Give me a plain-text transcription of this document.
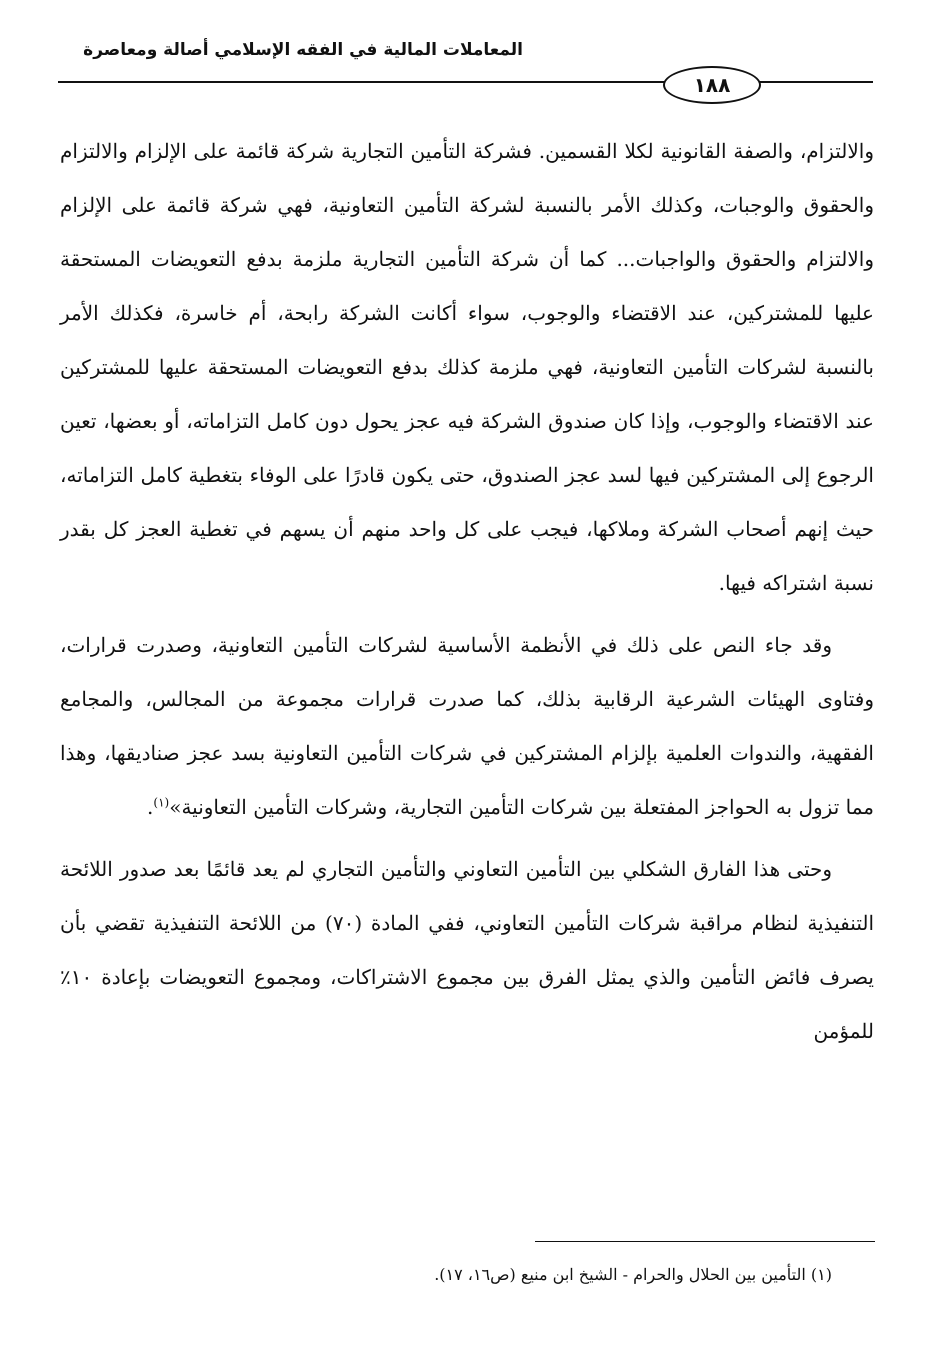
المعاملات المالية في الفقه الإسلامي أصالة ومعاصرة
١٨٨

والالتزام، والصفة القانونية لكلا القسمين. فشركة التأمين التجارية شركة قائمة على الإلزام والالتزام والحقوق والوجبات، وكذلك الأمر بالنسبة لشركة التأمين التعاونية، فهي شركة قائمة على الإلزام والالتزام والحقوق والواجبات... كما أن شركة التأمين التجارية ملزمة بدفع التعويضات المستحقة عليها للمشتركين، عند الاقتضاء والوجوب، سواء أكانت الشركة رابحة، أم خاسرة، فكذلك الأمر بالنسبة لشركات التأمين التعاونية، فهي ملزمة كذلك بدفع التعويضات المستحقة عليها للمشتركين عند الاقتضاء والوجوب، وإذا كان صندوق الشركة فيه عجز يحول دون كامل التزاماته، أو بعضها، تعين الرجوع إلى المشتركين فيها لسد عجز الصندوق، حتى يكون قادرًا على الوفاء بتغطية كامل التزاماته، حيث إنهم أصحاب الشركة وملاكها، فيجب على كل واحد منهم أن يسهم في تغطية العجز كل بقدر نسبة اشتراكه فيها.

وقد جاء النص على ذلك في الأنظمة الأساسية لشركات التأمين التعاونية، وصدرت قرارات، وفتاوى الهيئات الشرعية الرقابية بذلك، كما صدرت قرارات مجموعة من المجالس، والمجامع الفقهية، والندوات العلمية بإلزام المشتركين في شركات التأمين التعاونية بسد عجز صناديقها، وهذا مما تزول به الحواجز المفتعلة بين شركات التأمين التجارية، وشركات التأمين التعاونية»$^{(١)}$.

وحتى هذا الفارق الشكلي بين التأمين التعاوني والتأمين التجاري لم يعد قائمًا بعد صدور اللائحة التنفيذية لنظام مراقبة شركات التأمين التعاوني، ففي المادة (٧٠) من اللائحة التنفيذية تقضي بأن يصرف فائض التأمين والذي يمثل الفرق بين مجموع الاشتراكات، ومجموع التعويضات بإعادة ١٠٪ للمؤمن

(١) التأمين بين الحلال والحرام - الشيخ ابن منيع (ص١٦، ١٧).
